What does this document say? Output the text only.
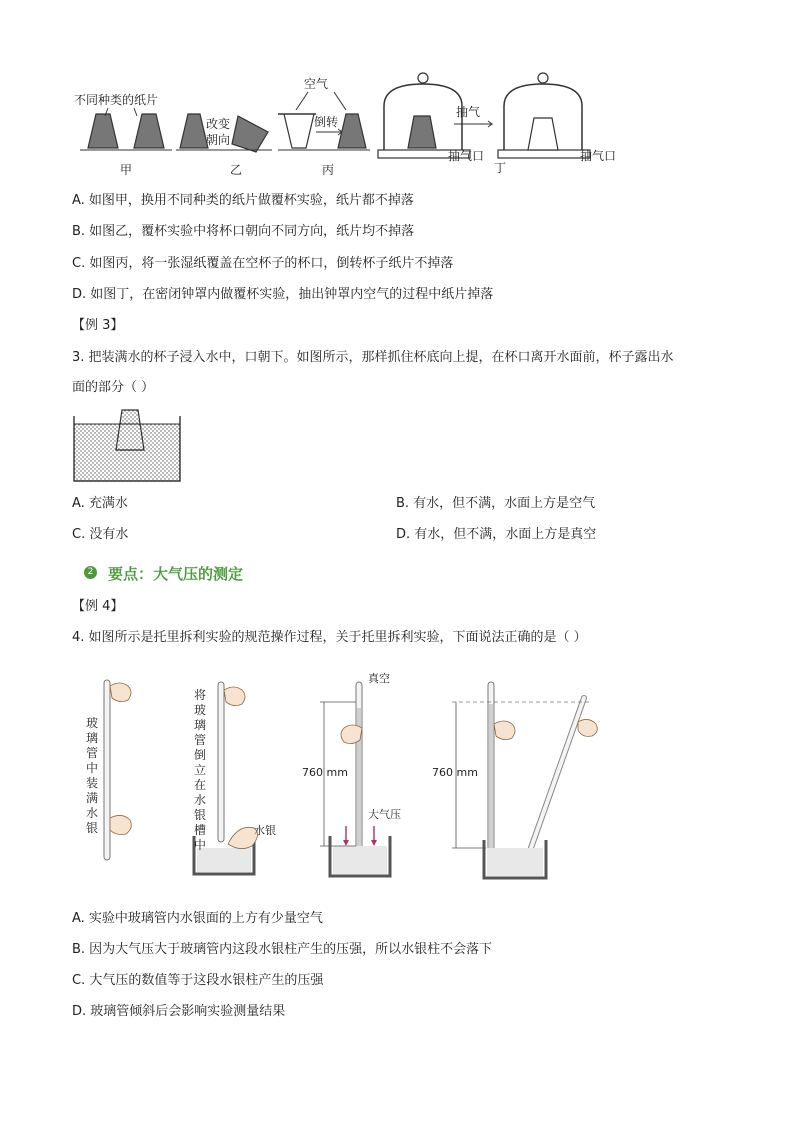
不同种类的纸片
甲
改变
朝向
乙
空气
倒转
丙
抽气
抽气口
丁
抽气口
A. 如图甲，换用不同种类的纸片做覆杯实验，纸片都不掉落
B. 如图乙，覆杯实验中将杯口朝向不同方向，纸片均不掉落
C. 如图丙，将一张湿纸覆盖在空杯子的杯口，倒转杯子纸片不掉落
D. 如图丁，在密闭钟罩内做覆杯实验，抽出钟罩内空气的过程中纸片掉落
【例 3】
3. 把装满水的杯子浸入水中，口朝下。如图所示，那样抓住杯底向上提，在杯口离开水面前，杯子露出水
面的部分（ ）
A. 充满水	B. 有水，但不满，水面上方是空气
C. 没有水	D. 有水，但不满，水面上方是真空
2 要点：大气压的测定
【例 4】
4. 如图所示是托里拆利实验的规范操作过程，关于托里拆利实验，下面说法正确的是（ ）
水银
真空
760 mm
大气压
760 mm
将玻璃管倒立在水银槽中
玻璃管中装满水银
A. 实验中玻璃管内水银面的上方有少量空气
B. 因为大气压大于玻璃管内这段水银柱产生的压强，所以水银柱不会落下
C. 大气压的数值等于这段水银柱产生的压强
D. 玻璃管倾斜后会影响实验测量结果
